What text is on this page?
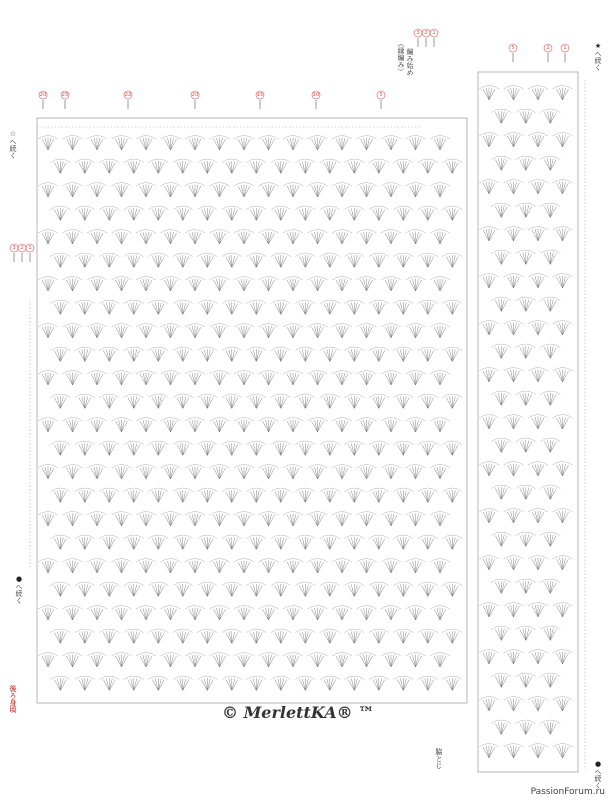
20	25	22	20	15	10	5
5	2 1
3 2 1
3 2 1
後ろ身頃
脇とじ
（縁編み） 編み始め
☆へ続く
★へ続く
●へ続く
●へ続く
© MerlettKA® ™
PassionForum.ru
